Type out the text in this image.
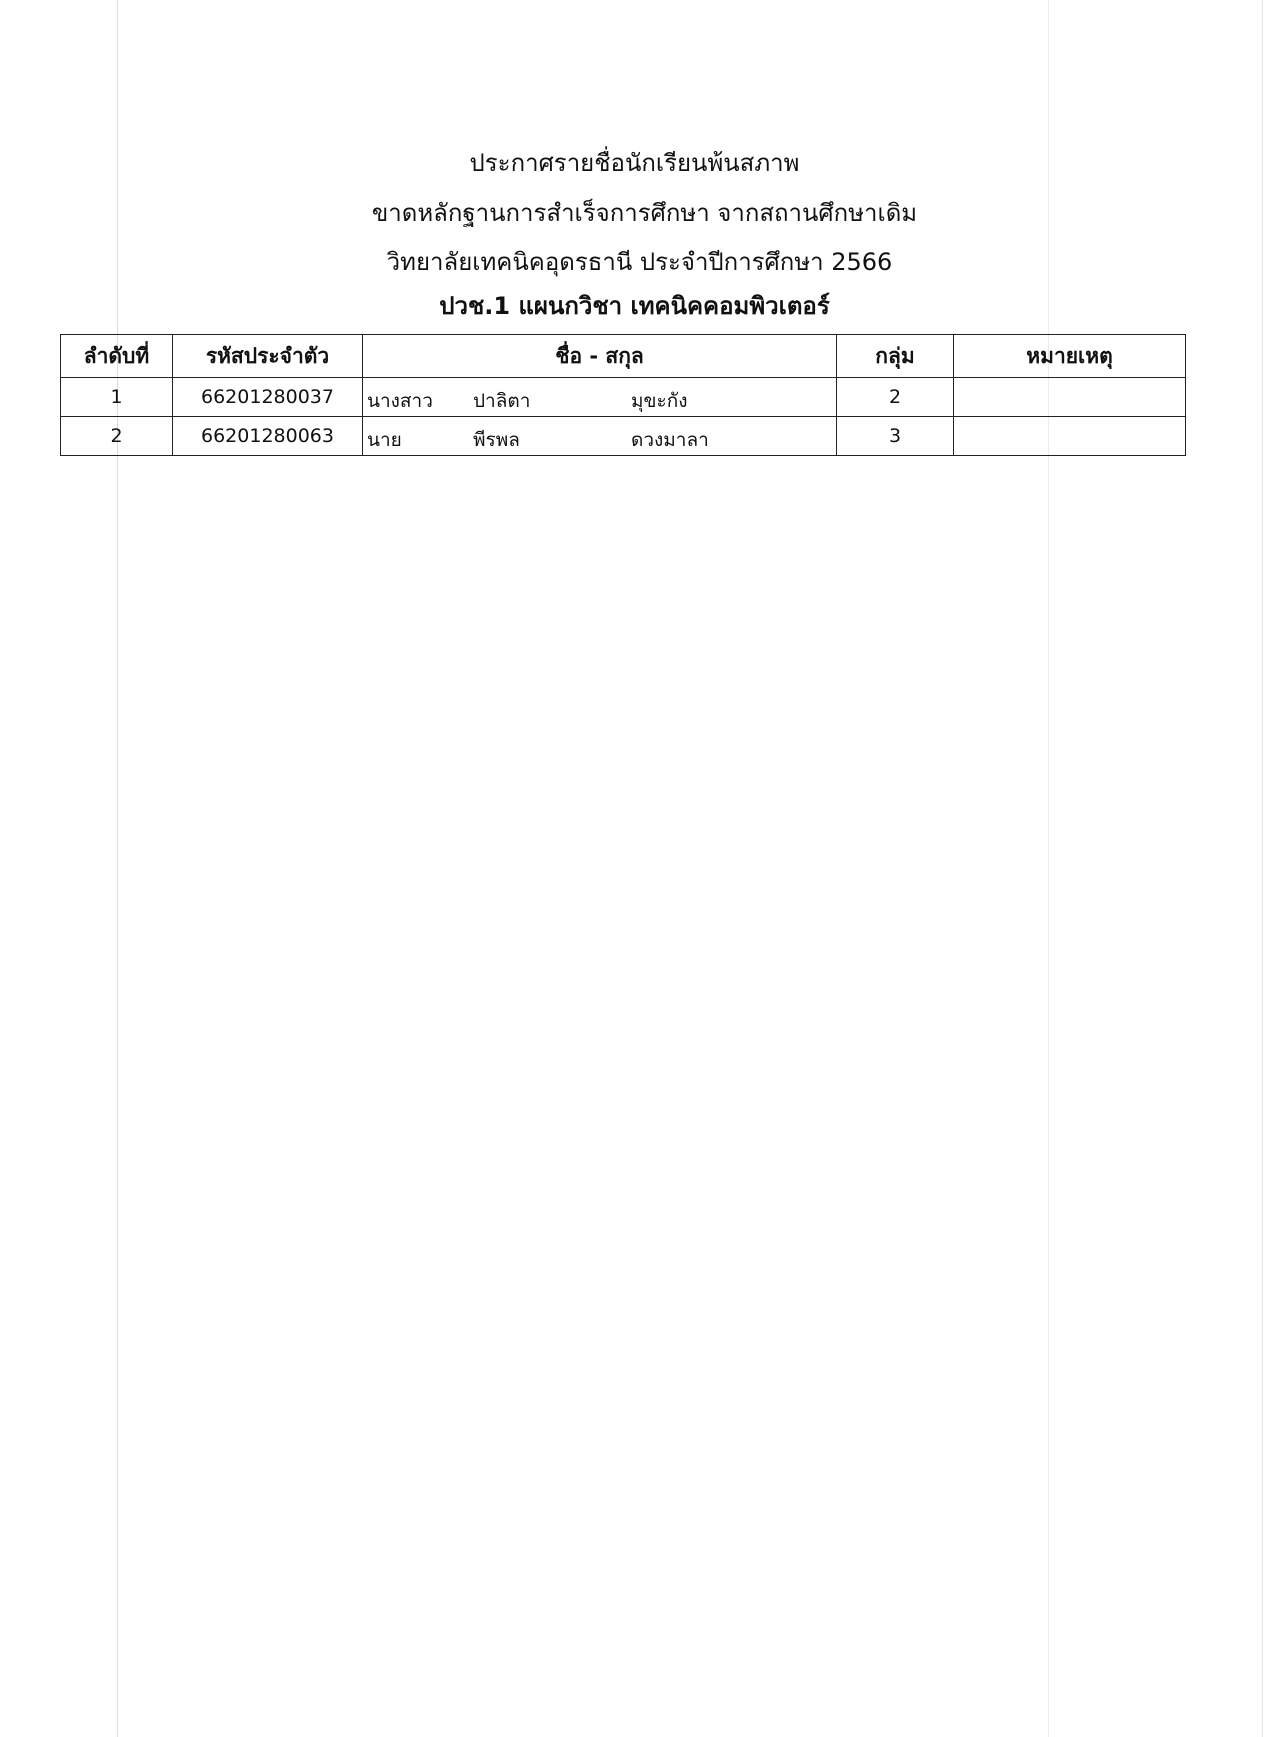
ประกาศรายชื่อนักเรียนพ้นสภาพ
ขาดหลักฐานการสำเร็จการศึกษา จากสถานศึกษาเดิม
วิทยาลัยเทคนิคอุดรธานี ประจำปีการศึกษา 2566
ปวช.1 แผนกวิชา เทคนิคคอมพิวเตอร์
ลำดับที่	รหัสประจำตัว	ชื่อ - สกุล	กลุ่ม	หมายเหตุ
1	66201280037	นางสาว ปาลิตา มุขะกัง	2	
2	66201280063	นาย พีรพล ดวงมาลา	3	
